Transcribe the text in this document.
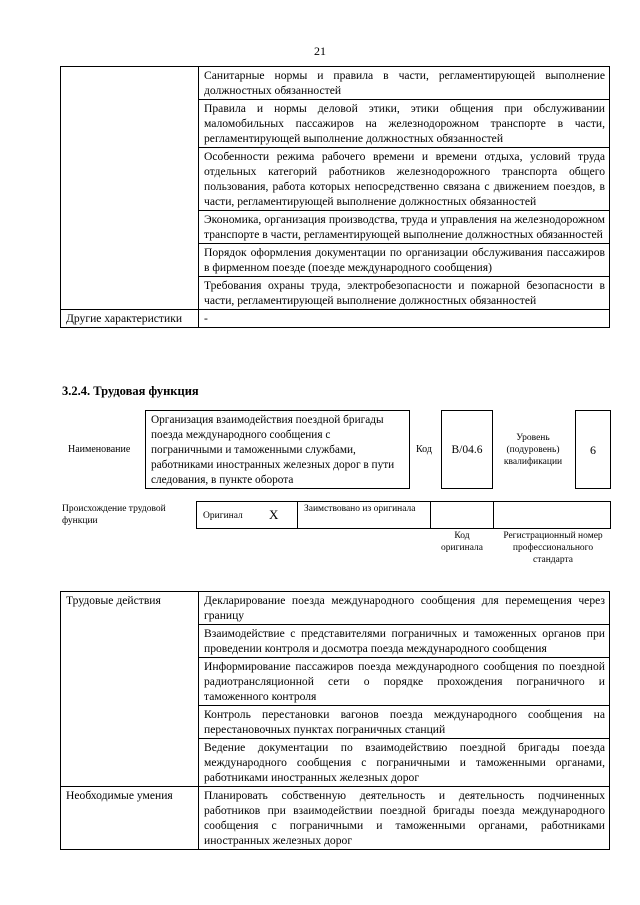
21
	Санитарные нормы и правила в части, регламентирующей выполнение должностных обязанностей
	Правила и нормы деловой этики, этики общения при обслуживании маломобильных пассажиров на железнодорожном транспорте в части, регламентирующей выполнение должностных обязанностей
	Особенности режима рабочего времени и времени отдыха, условий труда отдельных категорий работников железнодорожного транспорта общего пользования, работа которых непосредственно связана с движением поездов, в части, регламентирующей выполнение должностных обязанностей
	Экономика, организация производства, труда и управления на железнодорожном транспорте в части, регламентирующей выполнение должностных обязанностей
	Порядок оформления документации по организации обслуживания пассажиров в фирменном поезде (поезде международного сообщения)
	Требования охраны труда, электробезопасности и пожарной безопасности в части, регламентирующей выполнение должностных обязанностей
Другие характеристики	-
3.2.4. Трудовая функция
Наименование
Организация взаимодействия поездной бригады поезда международного сообщения с пограничными и таможенными службами, работниками иностранных железных дорог в пути следования, в пункте оборота
Код	B/04.6
Уровень (подуровень) квалификации
6
Происхождение трудовой функции	Оригинал X	Заимствовано из оригинала
Код оригинала
Регистрационный номер профессионального стандарта
Трудовые действия	Декларирование поезда международного сообщения для перемещения через границу
	Взаимодействие с представителями пограничных и таможенных органов при проведении контроля и досмотра поезда международного сообщения
	Информирование пассажиров поезда международного сообщения по поездной радиотрансляционной сети о порядке прохождения пограничного и таможенного контроля
	Контроль перестановки вагонов поезда международного сообщения на перестановочных пунктах пограничных станций
	Ведение документации по взаимодействию поездной бригады поезда международного сообщения с пограничными и таможенными органами, работниками иностранных железных дорог
Необходимые умения	Планировать собственную деятельность и деятельность подчиненных работников при взаимодействии поездной бригады поезда международного сообщения с пограничными и таможенными органами, работниками иностранных железных дорог
